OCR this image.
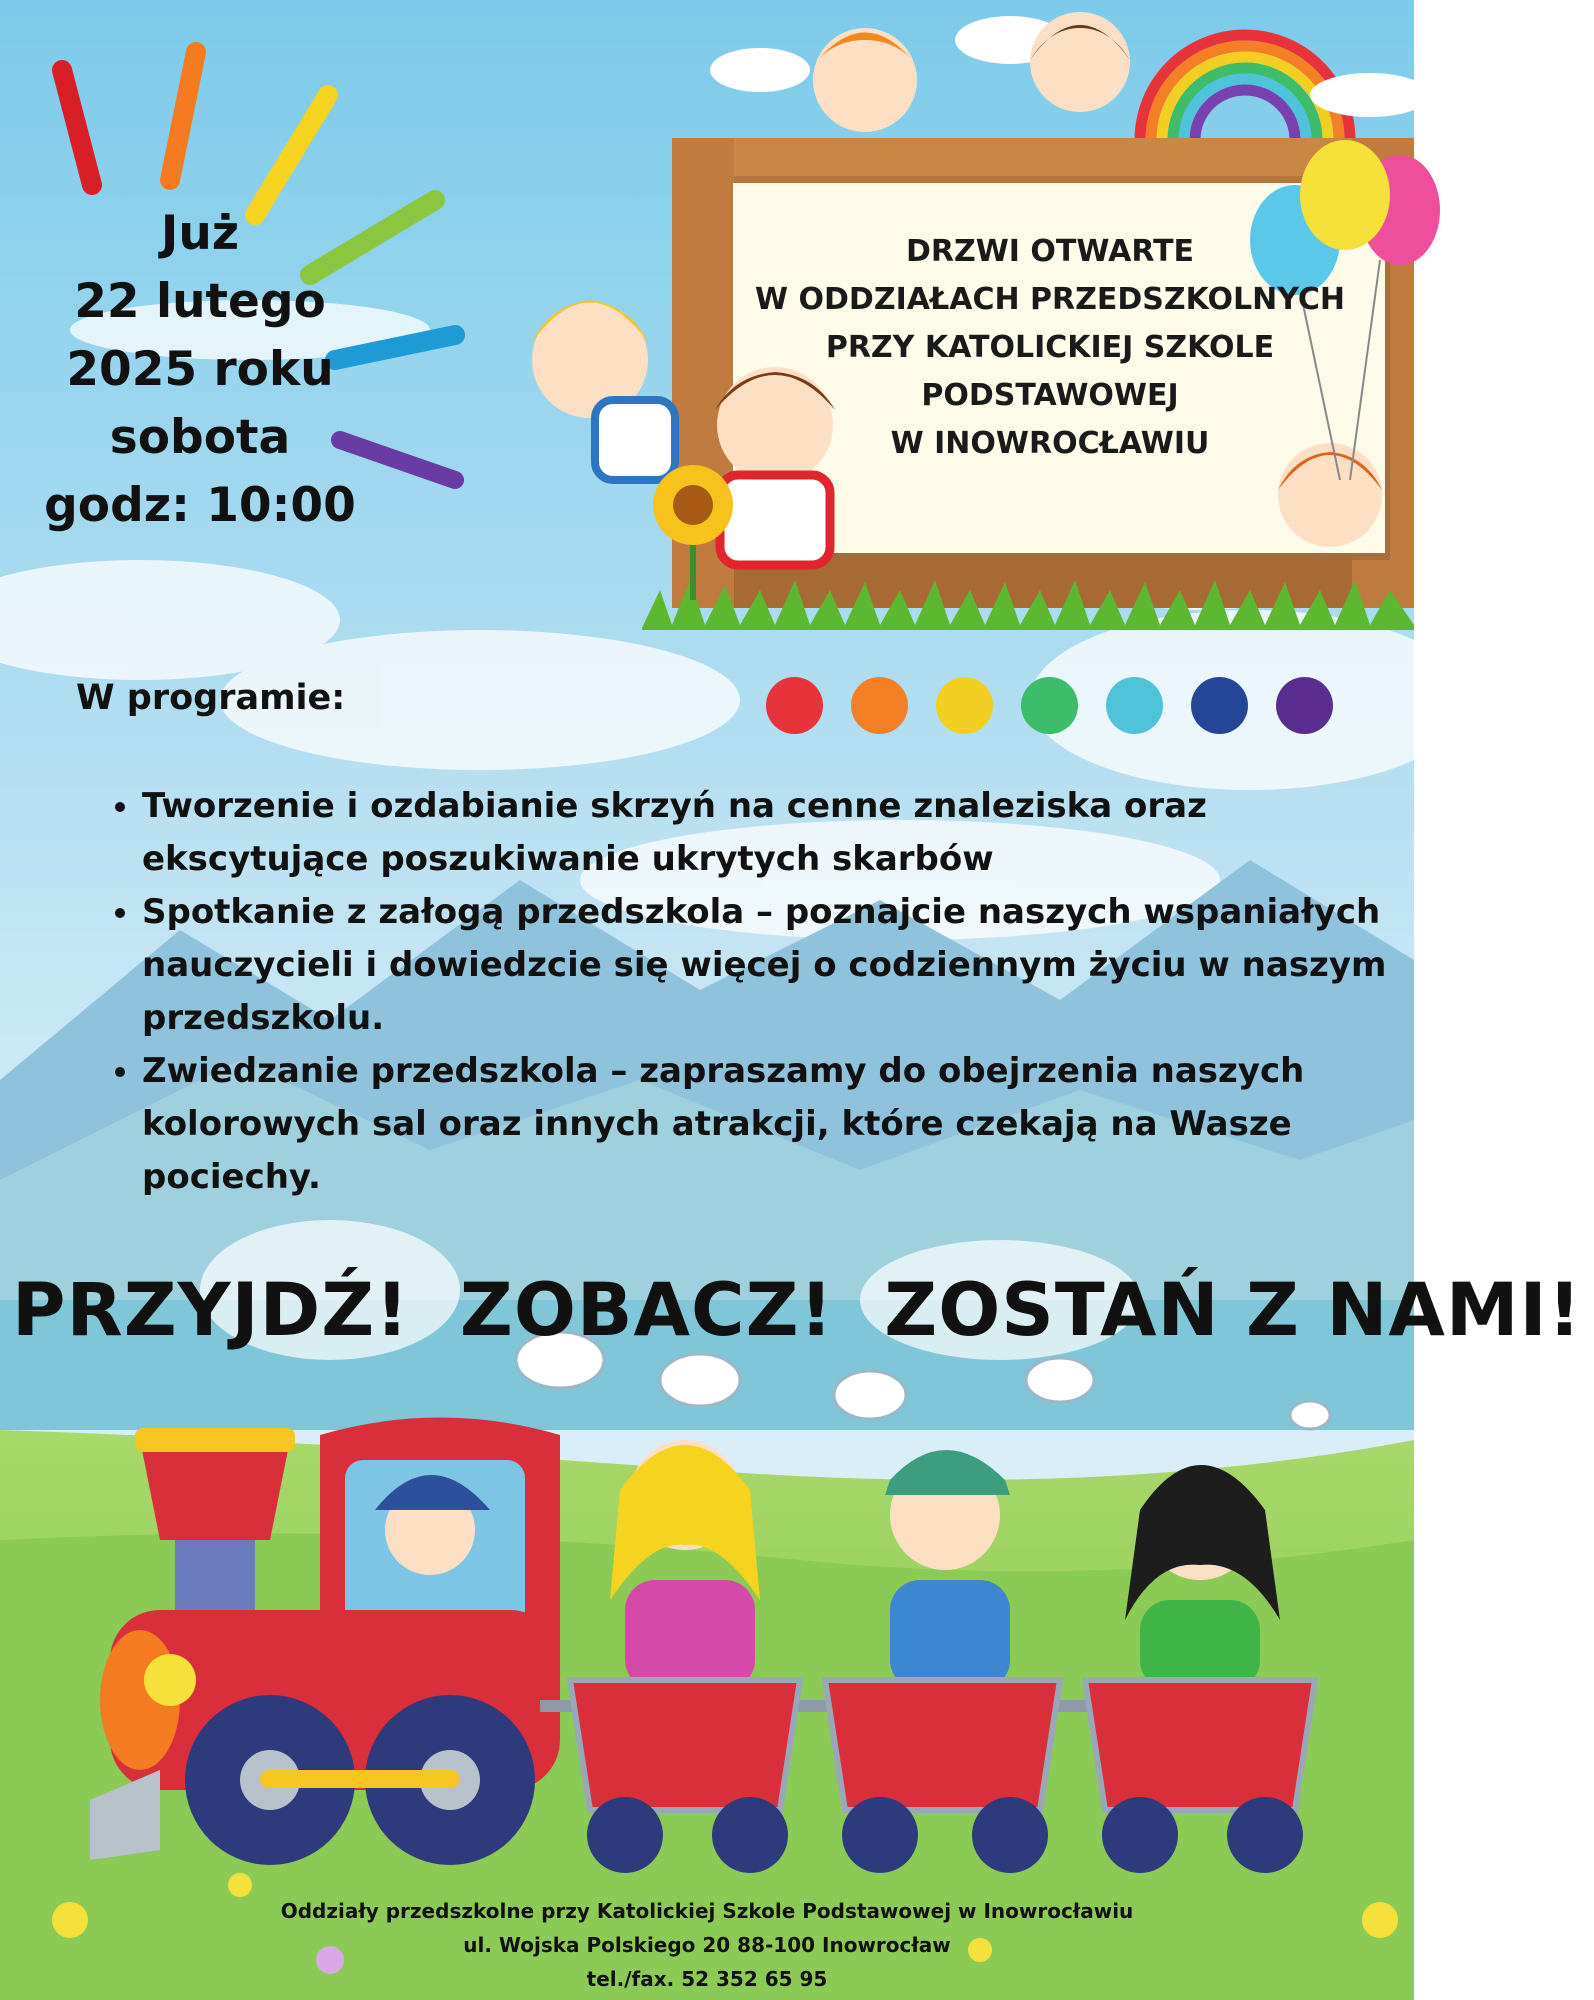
Już
22 lutego
2025 roku
sobota
godz: 10:00
DRZWI OTWARTE
W ODDZIAŁACH PRZEDSZKOLNYCH
PRZY KATOLICKIEJ SZKOLE
PODSTAWOWEJ
W INOWROCŁAWIU
W programie:
• Tworzenie i ozdabianie skrzyń na cenne znaleziska oraz ekscytujące poszukiwanie ukrytych skarbów
• Spotkanie z załogą przedszkola – poznajcie naszych wspaniałych nauczycieli i dowiedzcie się więcej o codziennym życiu w naszym przedszkolu.
• Zwiedzanie przedszkola – zapraszamy do obejrzenia naszych kolorowych sal oraz innych atrakcji, które czekają na Wasze pociechy.
PRZYJDŹ! ZOBACZ! ZOSTAŃ Z NAMI!
Oddziały przedszkolne przy Katolickiej Szkole Podstawowej w Inowrocławiu
ul. Wojska Polskiego 20 88-100 Inowrocław
tel./fax. 52 352 65 95
